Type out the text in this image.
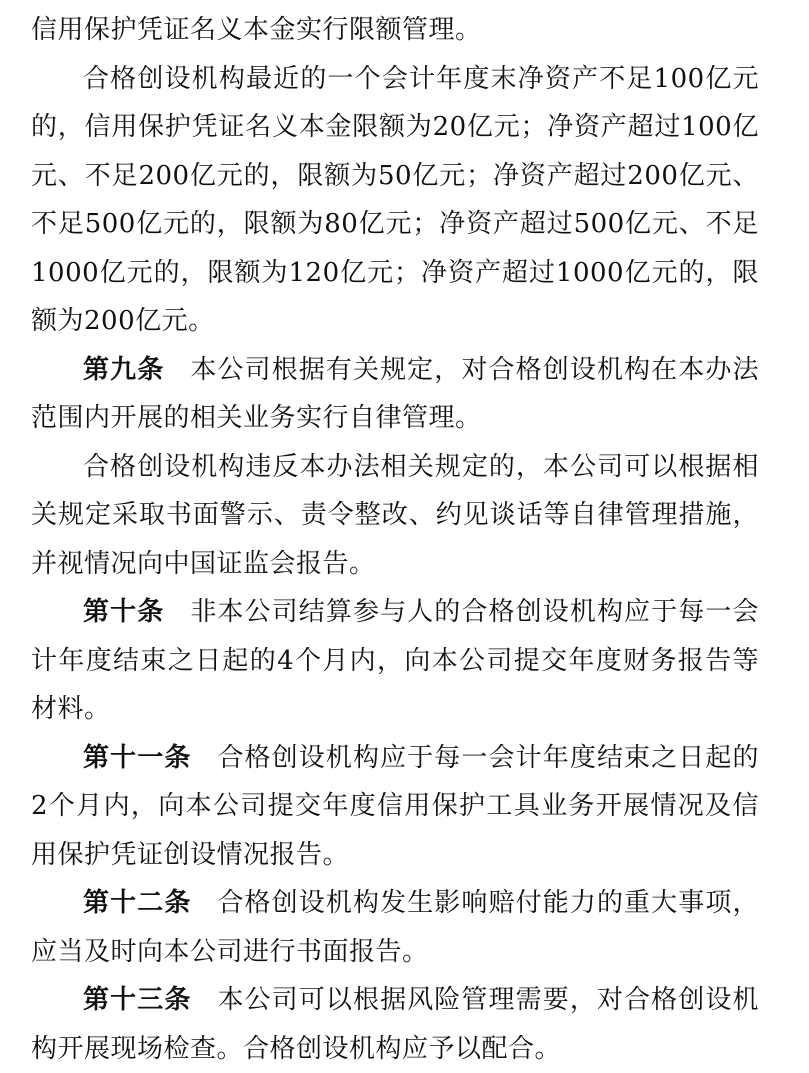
信用保护凭证名义本金实行限额管理。

合格创设机构最近的一个会计年度末净资产不足100亿元的，信用保护凭证名义本金限额为20亿元；净资产超过100亿元、不足200亿元的，限额为50亿元；净资产超过200亿元、不足500亿元的，限额为80亿元；净资产超过500亿元、不足1000亿元的，限额为120亿元；净资产超过1000亿元的，限额为200亿元。

第九条 本公司根据有关规定，对合格创设机构在本办法范围内开展的相关业务实行自律管理。

合格创设机构违反本办法相关规定的，本公司可以根据相关规定采取书面警示、责令整改、约见谈话等自律管理措施，并视情况向中国证监会报告。

第十条 非本公司结算参与人的合格创设机构应于每一会计年度结束之日起的4个月内，向本公司提交年度财务报告等材料。

第十一条 合格创设机构应于每一会计年度结束之日起的2个月内，向本公司提交年度信用保护工具业务开展情况及信用保护凭证创设情况报告。

第十二条 合格创设机构发生影响赔付能力的重大事项，应当及时向本公司进行书面报告。

第十三条 本公司可以根据风险管理需要，对合格创设机构开展现场检查。合格创设机构应予以配合。
